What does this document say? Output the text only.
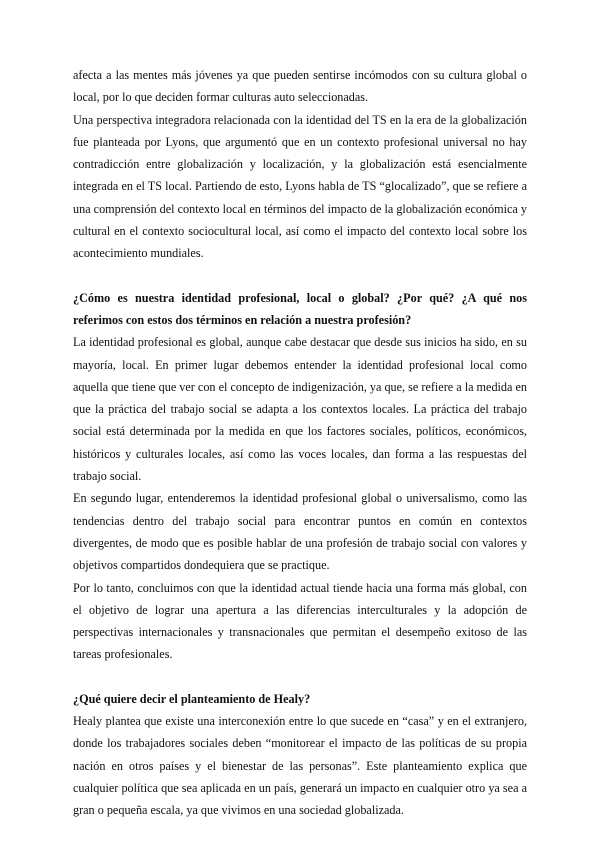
afecta a las mentes más jóvenes ya que pueden sentirse incómodos con su cultura global o local, por lo que deciden formar culturas auto seleccionadas.

Una perspectiva integradora relacionada con la identidad del TS en la era de la globalización fue planteada por Lyons, que argumentó que en un contexto profesional universal no hay contradicción entre globalización y localización, y la globalización está esencialmente integrada en el TS local. Partiendo de esto, Lyons habla de TS “glocalizado”, que se refiere a una comprensión del contexto local en términos del impacto de la globalización económica y cultural en el contexto sociocultural local, así como el impacto del contexto local sobre los acontecimiento mundiales.

¿Cómo es nuestra identidad profesional, local o global? ¿Por qué? ¿A qué nos referimos con estos dos términos en relación a nuestra profesión?

La identidad profesional es global, aunque cabe destacar que desde sus inicios ha sido, en su mayoría, local. En primer lugar debemos entender la identidad profesional local como aquella que tiene que ver con el concepto de indigenización, ya que, se refiere a la medida en que la práctica del trabajo social se adapta a los contextos locales. La práctica del trabajo social está determinada por la medida en que los factores sociales, políticos, económicos, históricos y culturales locales, así como las voces locales, dan forma a las respuestas del trabajo social.

En segundo lugar, entenderemos la identidad profesional global o universalismo, como las tendencias dentro del trabajo social para encontrar puntos en común en contextos divergentes, de modo que es posible hablar de una profesión de trabajo social con valores y objetivos compartidos dondequiera que se practique.

Por lo tanto, concluimos con que la identidad actual tiende hacia una forma más global, con el objetivo de lograr una apertura a las diferencias interculturales y la adopción de perspectivas internacionales y transnacionales que permitan el desempeño exitoso de las tareas profesionales.

¿Qué quiere decir el planteamiento de Healy?

Healy plantea que existe una interconexión entre lo que sucede en “casa” y en el extranjero, donde los trabajadores sociales deben “monitorear el impacto de las políticas de su propia nación en otros países y el bienestar de las personas”. Este planteamiento explica que cualquier política que sea aplicada en un país, generará un impacto en cualquier otro ya sea a gran o pequeña escala, ya que vivimos en una sociedad globalizada.
